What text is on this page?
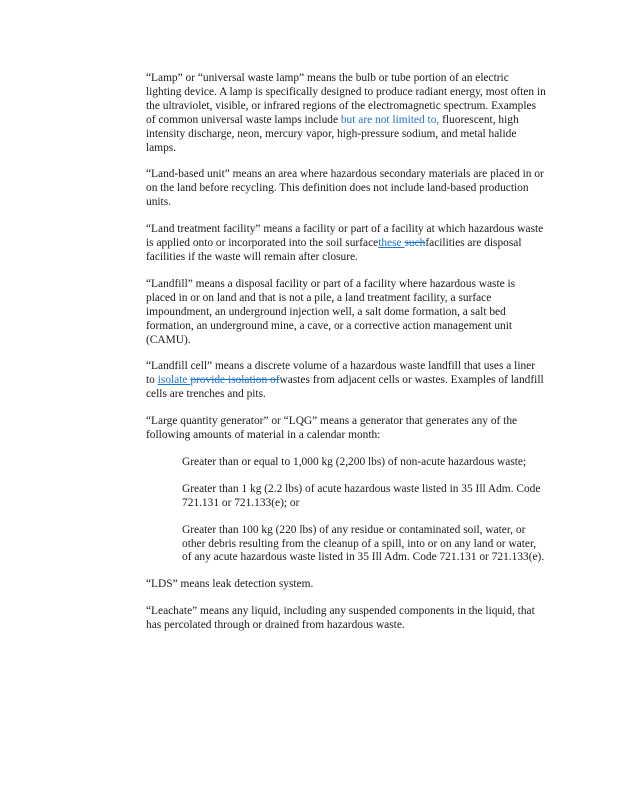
“Lamp” or “universal waste lamp” means the bulb or tube portion of an electric lighting device. A lamp is specifically designed to produce radiant energy, most often in the ultraviolet, visible, or infrared regions of the electromagnetic spectrum. Examples of common universal waste lamps include but are not limited to, fluorescent, high intensity discharge, neon, mercury vapor, high-pressure sodium, and metal halide lamps.

“Land-based unit” means an area where hazardous secondary materials are placed in or on the land before recycling. This definition does not include land-based production units.

“Land treatment facility” means a facility or part of a facility at which hazardous waste is applied onto or incorporated into the soil surfacethese suchfacilities are disposal facilities if the waste will remain after closure.

“Landfill” means a disposal facility or part of a facility where hazardous waste is placed in or on land and that is not a pile, a land treatment facility, a surface impoundment, an underground injection well, a salt dome formation, a salt bed formation, an underground mine, a cave, or a corrective action management unit (CAMU).

“Landfill cell” means a discrete volume of a hazardous waste landfill that uses a liner to isolate provide isolation ofwastes from adjacent cells or wastes. Examples of landfill cells are trenches and pits.

“Large quantity generator” or “LQG” means a generator that generates any of the following amounts of material in a calendar month:

Greater than or equal to 1,000 kg (2,200 lbs) of non-acute hazardous waste;

Greater than 1 kg (2.2 lbs) of acute hazardous waste listed in 35 Ill Adm. Code 721.131 or 721.133(e); or

Greater than 100 kg (220 lbs) of any residue or contaminated soil, water, or other debris resulting from the cleanup of a spill, into or on any land or water, of any acute hazardous waste listed in 35 Ill Adm. Code 721.131 or 721.133(e).

“LDS” means leak detection system.

“Leachate” means any liquid, including any suspended components in the liquid, that has percolated through or drained from hazardous waste.
